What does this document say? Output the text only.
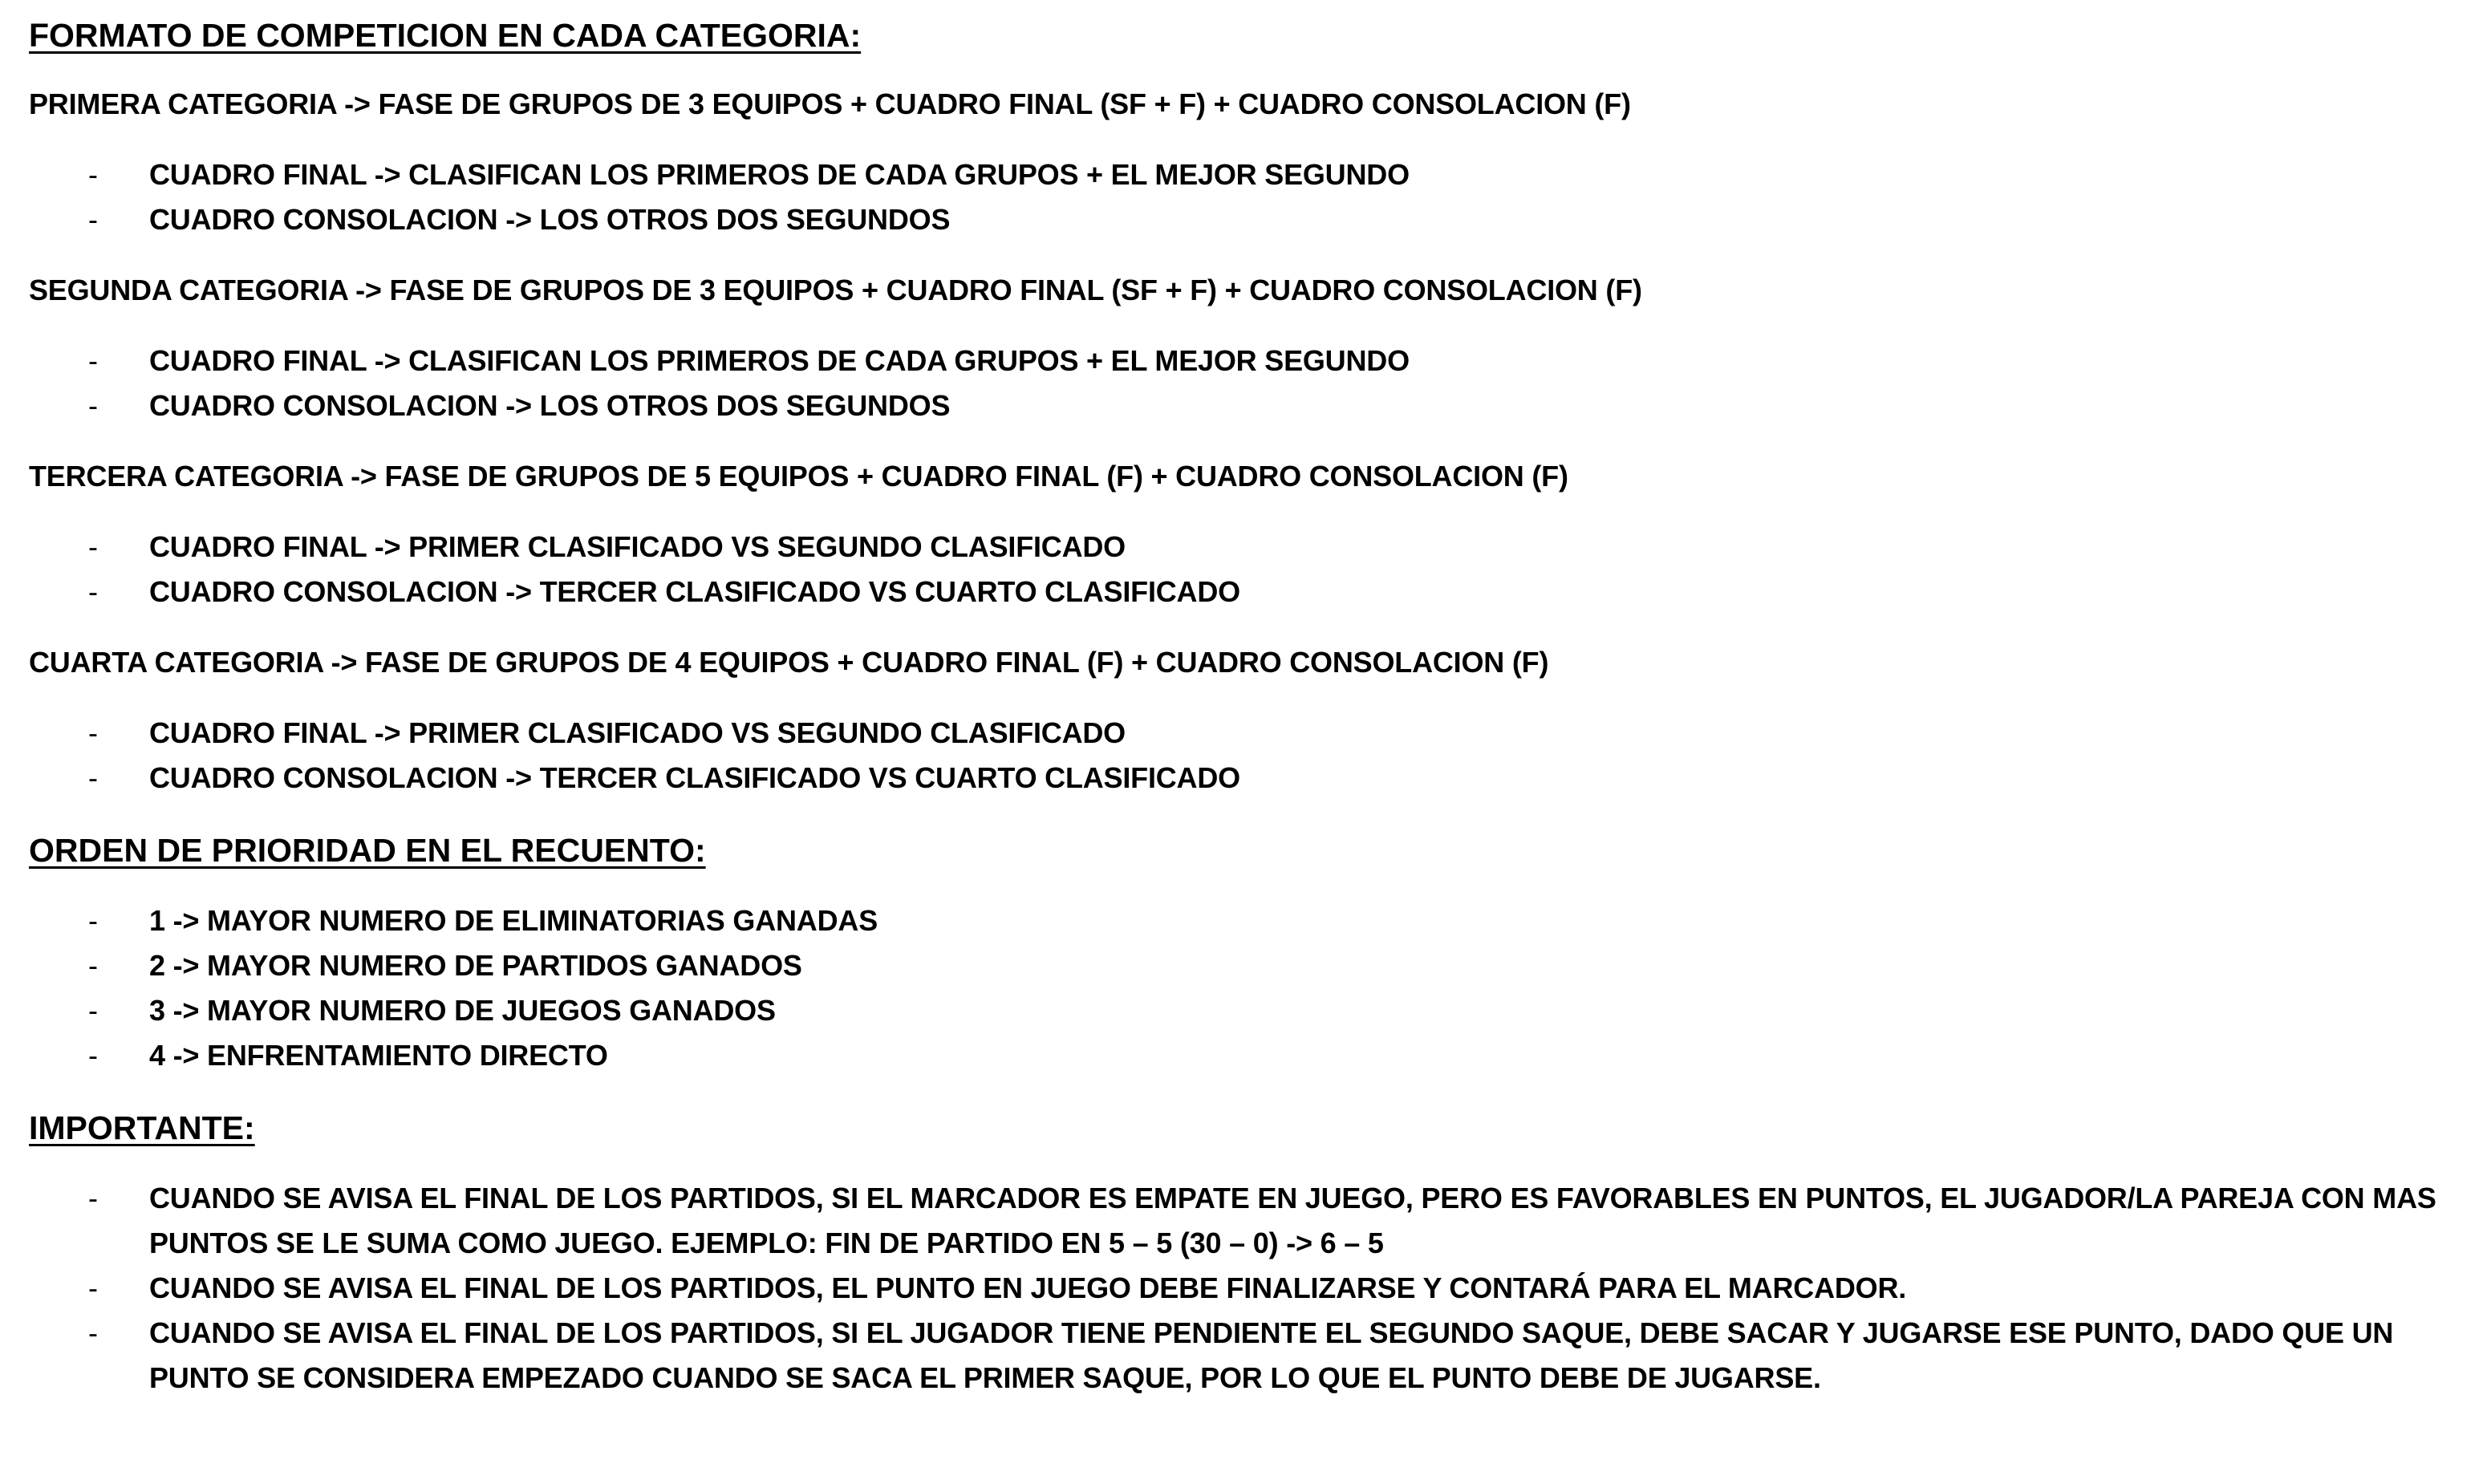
FORMATO DE COMPETICION EN CADA CATEGORIA:
PRIMERA CATEGORIA -> FASE DE GRUPOS DE 3 EQUIPOS + CUADRO FINAL (SF + F) + CUADRO CONSOLACION (F)
- CUADRO FINAL -> CLASIFICAN LOS PRIMEROS DE CADA GRUPOS + EL MEJOR SEGUNDO
- CUADRO CONSOLACION -> LOS OTROS DOS SEGUNDOS
SEGUNDA CATEGORIA -> FASE DE GRUPOS DE 3 EQUIPOS + CUADRO FINAL (SF + F) + CUADRO CONSOLACION (F)
- CUADRO FINAL -> CLASIFICAN LOS PRIMEROS DE CADA GRUPOS + EL MEJOR SEGUNDO
- CUADRO CONSOLACION -> LOS OTROS DOS SEGUNDOS
TERCERA CATEGORIA -> FASE DE GRUPOS DE 5 EQUIPOS + CUADRO FINAL (F) + CUADRO CONSOLACION (F)
- CUADRO FINAL -> PRIMER CLASIFICADO VS SEGUNDO CLASIFICADO
- CUADRO CONSOLACION -> TERCER CLASIFICADO VS CUARTO CLASIFICADO
CUARTA CATEGORIA -> FASE DE GRUPOS DE 4 EQUIPOS + CUADRO FINAL (F) + CUADRO CONSOLACION (F)
- CUADRO FINAL -> PRIMER CLASIFICADO VS SEGUNDO CLASIFICADO
- CUADRO CONSOLACION -> TERCER CLASIFICADO VS CUARTO CLASIFICADO
ORDEN DE PRIORIDAD EN EL RECUENTO:
- 1 -> MAYOR NUMERO DE ELIMINATORIAS GANADAS
- 2 -> MAYOR NUMERO DE PARTIDOS GANADOS
- 3 -> MAYOR NUMERO DE JUEGOS GANADOS
- 4 -> ENFRENTAMIENTO DIRECTO
IMPORTANTE:
- CUANDO SE AVISA EL FINAL DE LOS PARTIDOS, SI EL MARCADOR ES EMPATE EN JUEGO, PERO ES FAVORABLES EN PUNTOS, EL JUGADOR/LA PAREJA CON MAS PUNTOS SE LE SUMA COMO JUEGO. EJEMPLO: FIN DE PARTIDO EN 5 – 5 (30 – 0) -> 6 – 5
- CUANDO SE AVISA EL FINAL DE LOS PARTIDOS, EL PUNTO EN JUEGO DEBE FINALIZARSE Y CONTARÁ PARA EL MARCADOR.
- CUANDO SE AVISA EL FINAL DE LOS PARTIDOS, SI EL JUGADOR TIENE PENDIENTE EL SEGUNDO SAQUE, DEBE SACAR Y JUGARSE ESE PUNTO, DADO QUE UN PUNTO SE CONSIDERA EMPEZADO CUANDO SE SACA EL PRIMER SAQUE, POR LO QUE EL PUNTO DEBE DE JUGARSE.
